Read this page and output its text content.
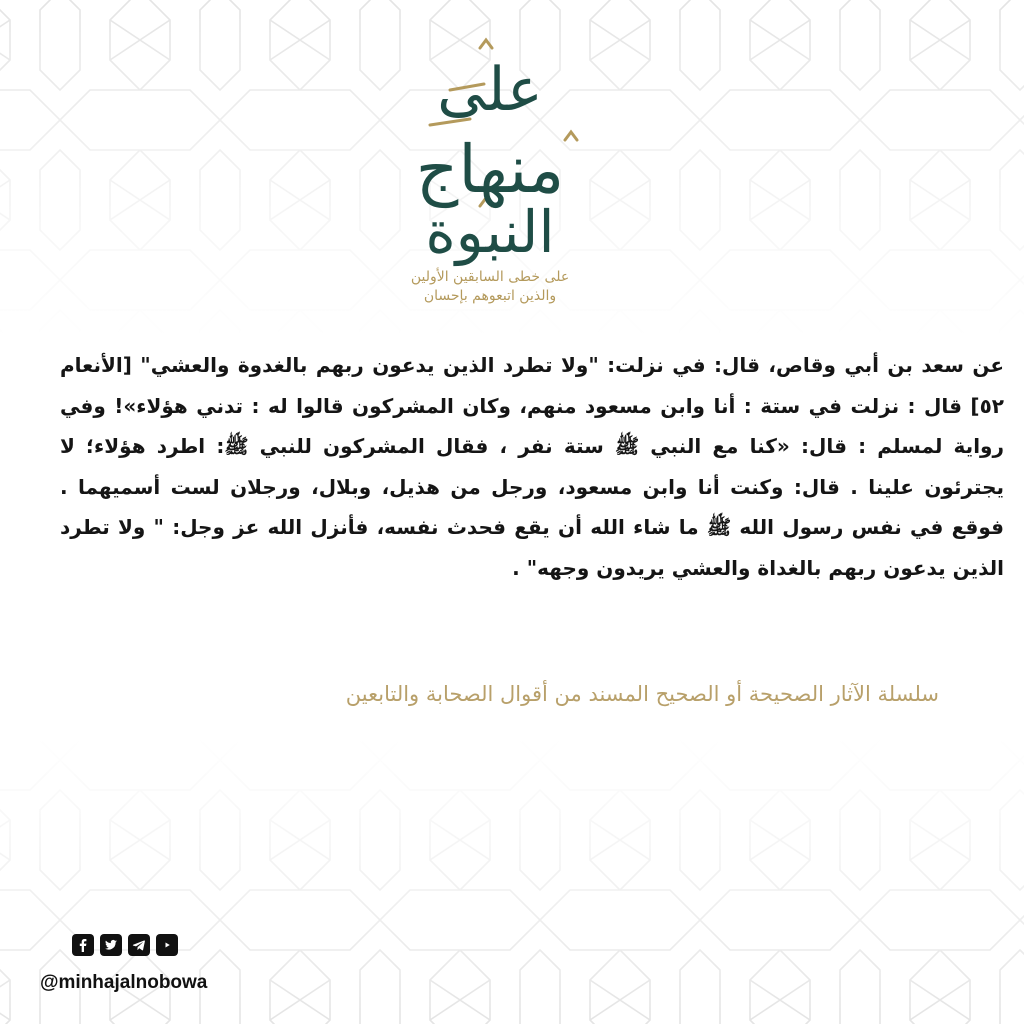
على
منهاج
النبوة
على خطى السابقين الأولين
والذين اتبعوهم بإحسان

عن سعد بن أبي وقاص، قال: في نزلت: "ولا تطرد الذين يدعون ربهم بالغدوة والعشي" [الأنعام ٥٢] قال : نزلت في ستة : أنا وابن مسعود منهم، وكان المشركون قالوا له : تدني هؤلاء»! وفي رواية لمسلم : قال: «كنا مع النبي ﷺ ستة نفر ، فقال المشركون للنبي ﷺ: اطرد هؤلاء؛ لا يجترئون علينا . قال: وكنت أنا وابن مسعود، ورجل من هذيل، وبلال، ورجلان لست أسميهما . فوقع في نفس رسول الله ﷺ ما شاء الله أن يقع فحدث نفسه، فأنزل الله عز وجل: " ولا تطرد الذين يدعون ربهم بالغداة والعشي يريدون وجهه" .

سلسلة الآثار الصحيحة أو الصحيح المسند من أقوال الصحابة والتابعين
@minhajalnobowa
